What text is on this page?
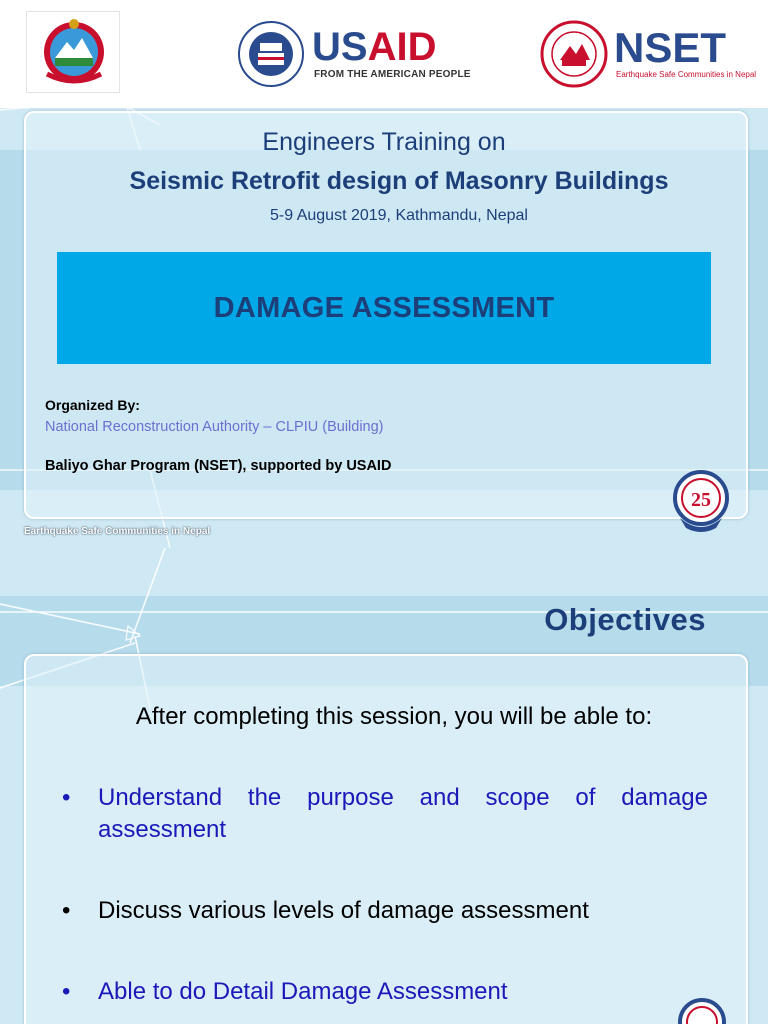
USAID
FROM THE AMERICAN PEOPLE
NSET
Earthquake Safe Communities in Nepal
Engineers Training on
Seismic Retrofit design of Masonry Buildings
5-9 August 2019, Kathmandu, Nepal
DAMAGE ASSESSMENT
Organized By:
National Reconstruction Authority – CLPIU (Building)
Baliyo Ghar Program (NSET), supported by USAID
25
Earthquake Safe Communities in Nepal
Objectives
After completing this session, you will be able to:
•	Understand the purpose and scope of damage assessment
•	Discuss various levels of damage assessment
•	Able to do Detail Damage Assessment
